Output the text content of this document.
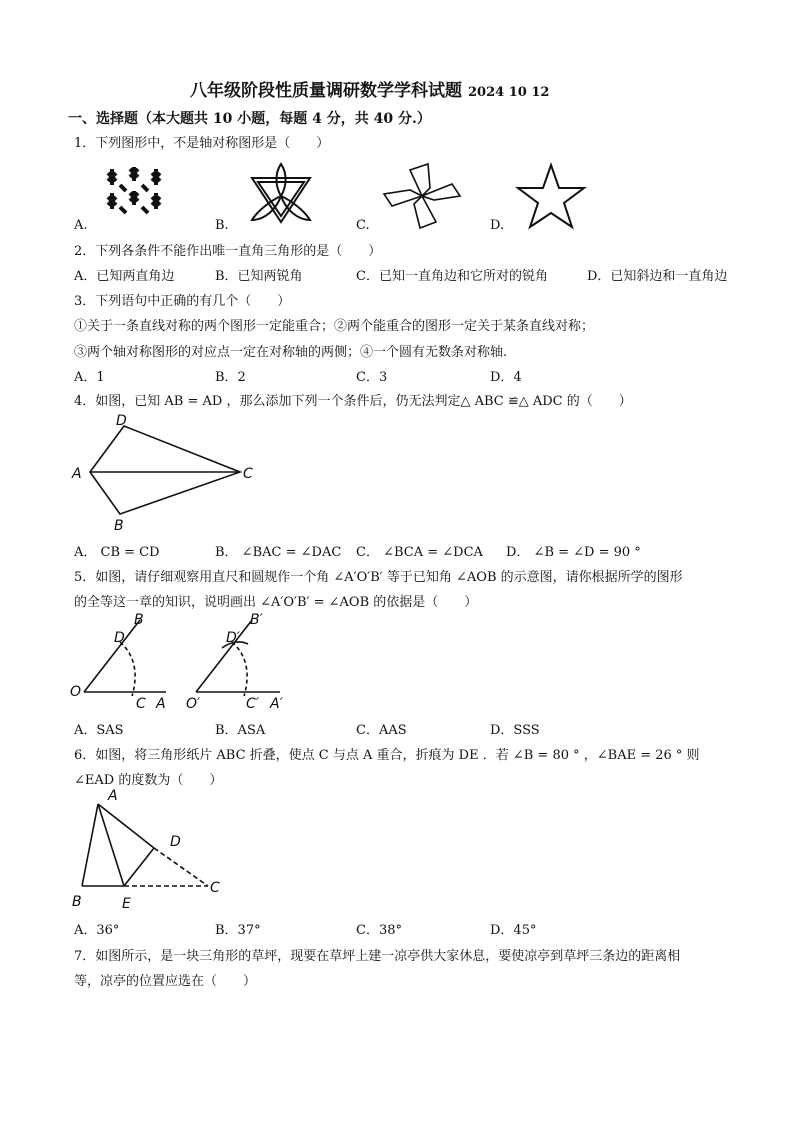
八年级阶段性质量调研数学学科试题 2024 10 12
一、选择题（本大题共 10 小题，每题 4 分，共 40 分.）
1．下列图形中，不是轴对称图形是（　　）
A.	B.	C.	D.
2．下列各条件不能作出唯一直角三角形的是（　　）
A．已知两直角边	B．已知两锐角	C．已知一直角边和它所对的锐角	D．已知斜边和一直角边
3．下列语句中正确的有几个（　　）
①关于一条直线对称的两个图形一定能重合；②两个能重合的图形一定关于某条直线对称；
③两个轴对称图形的对应点一定在对称轴的两侧；④一个圆有无数条对称轴.
A．1	B．2	C．3	D．4
4．如图，已知 AB = AD ，那么添加下列一个条件后，仍无法判定△ ABC ≌△ ADC 的（　　）
D
A	C
B
A． CB = CD	B． ∠BAC = ∠DAC C． ∠BCA = ∠DCA D． ∠B = ∠D = 90 °
5．如图，请仔细观察用直尺和圆规作一个角 ∠A′O′B′ 等于已知角 ∠AOB 的示意图，请你根据所学的图形
的全等这一章的知识，说明画出 ∠A′O′B′ = ∠AOB 的依据是（　　）
B
D
O
C A
B′
D′
O′	C′ A′
A．SAS	B．ASA	C．AAS	D．SSS
6．如图，将三角形纸片 ABC 折叠，使点 C 与点 A 重合，折痕为 DE ．若 ∠B = 80 ° ，∠BAE = 26 ° 则
∠EAD 的度数为（　　）
A
D
B	E
C
A．36°	B．37°	C．38°	D．45°
7．如图所示，是一块三角形的草坪，现要在草坪上建一凉亭供大家休息，要使凉亭到草坪三条边的距离相
等，凉亭的位置应选在（　　）
